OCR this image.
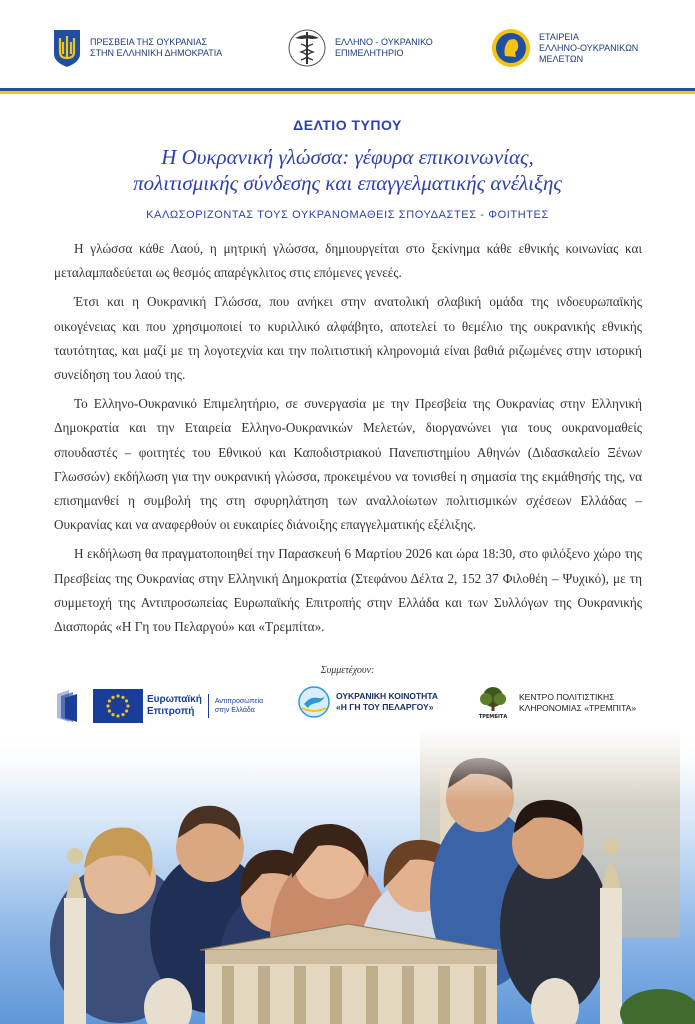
ΠΡΕΣΒΕΙΑ ΤΗΣ ΟΥΚΡΑΝΙΑΣ
ΣΤΗΝ ΕΛΛΗΝΙΚΗ ΔΗΜΟΚΡΑΤΙΑ
ΕΛΛΗΝΟ - ΟΥΚΡΑΝΙΚΟ
ΕΠΙΜΕΛΗΤΗΡΙΟ
ΕΤΑΙΡΕΙΑ
ΕΛΛΗΝΟ-ΟΥΚΡΑΝΙΚΩΝ
ΜΕΛΕΤΩΝ
ΔΕΛΤΙΟ ΤΥΠΟΥ
Η Ουκρανική γλώσσα: γέφυρα επικοινωνίας,
πολιτισμικής σύνδεσης και επαγγελματικής ανέλιξης
ΚΑΛΩΣΟΡΙΖΟΝΤΑΣ ΤΟΥΣ ΟΥΚΡΑΝΟΜΑΘΕΙΣ ΣΠΟΥΔΑΣΤΕΣ - ΦΟΙΤΗΤΕΣ

Η γλώσσα κάθε Λαού, η μητρική γλώσσα, δημιουργείται στο ξεκίνημα κάθε εθνικής κοινωνίας και μεταλαμπαδεύεται ως θεσμός απαρέγκλιτος στις επόμενες γενεές.

Έτσι και η Ουκρανική Γλώσσα, που ανήκει στην ανατολική σλαβική ομάδα της ινδοευρωπαϊκής οικογένειας και που χρησιμοποιεί το κυριλλικό αλφάβητο, αποτελεί το θεμέλιο της ουκρανικής εθνικής ταυτότητας, και μαζί με τη λογοτεχνία και την πολιτιστική κληρονομιά είναι βαθιά ριζωμένες στην ιστορική συνείδηση του λαού της.

Το Ελληνο-Ουκρανικό Επιμελητήριο, σε συνεργασία με την Πρεσβεία της Ουκρανίας στην Ελληνική Δημοκρατία και την Εταιρεία Ελληνο-Ουκρανικών Μελετών, διοργανώνει για τους ουκρανομαθείς σπουδαστές – φοιτητές του Εθνικού και Καποδιστριακού Πανεπιστημίου Αθηνών (Διδασκαλείο Ξένων Γλωσσών) εκδήλωση για την ουκρανική γλώσσα, προκειμένου να τονισθεί η σημασία της εκμάθησής της, να επισημανθεί η συμβολή της στη σφυρηλάτηση των αναλλοίωτων πολιτισμικών σχέσεων Ελλάδας – Ουκρανίας και να αναφερθούν οι ευκαιρίες διάνοιξης επαγγελματικής εξέλιξης.

Η εκδήλωση θα πραγματοποιηθεί την Παρασκευή 6 Μαρτίου 2026 και ώρα 18:30, στο φιλόξενο χώρο της Πρεσβείας της Ουκρανίας στην Ελληνική Δημοκρατία (Στεφάνου Δέλτα 2, 152 37 Φιλοθέη – Ψυχικό), με τη συμμετοχή της Αντιπροσωπείας Ευρωπαϊκής Επιτροπής στην Ελλάδα και των Συλλόγων της Ουκρανικής Διασποράς «Η Γη του Πελαργού» και «Τρεμπίτα».

Συμμετέχουν:
Ευρωπαϊκή
Επιτροπή
Αντιπροσωπεία
στην Ελλάδα
ΟΥΚΡΑΝΙΚΗ ΚΟΙΝΟΤΗΤΑ
«Η ΓΗ ΤΟΥ ΠΕΛΑΡΓΟΥ»
ТРЕМБІТА
ΚΕΝΤΡΟ ΠΟΛΙΤΙΣΤΙΚΗΣ
ΚΛΗΡΟΝΟΜΙΑΣ «ΤΡΕΜΠΙΤΑ»
